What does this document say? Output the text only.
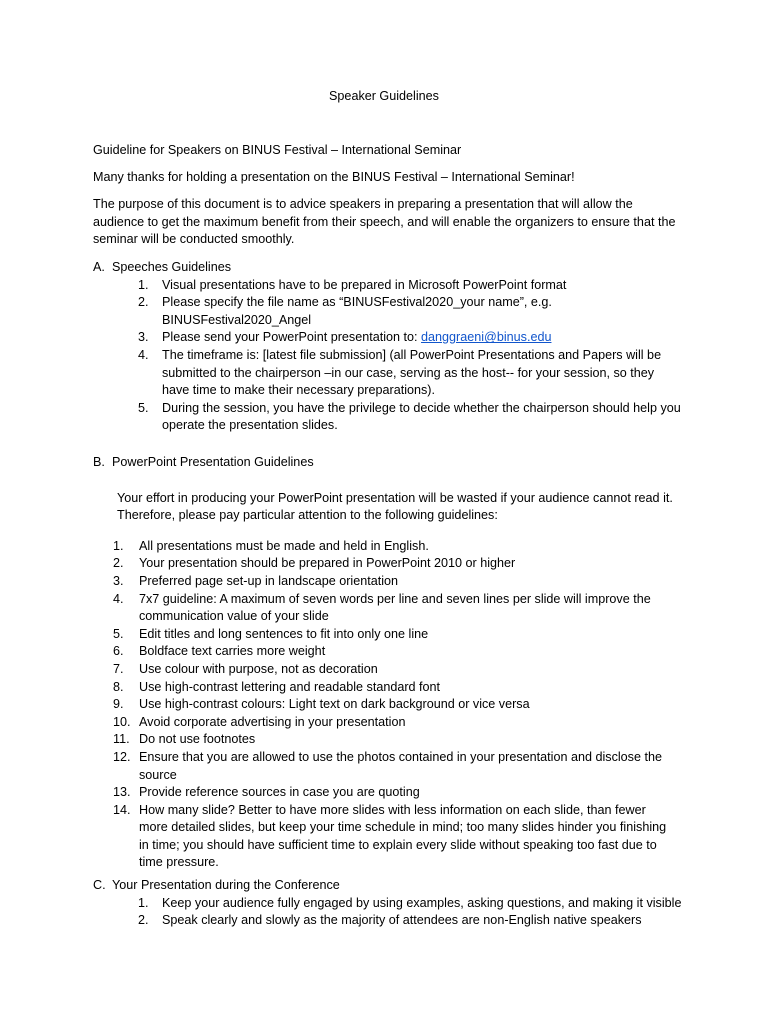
Speaker Guidelines
Guideline for Speakers on BINUS Festival – International Seminar
Many thanks for holding a presentation on the BINUS Festival – International Seminar!
The purpose of this document is to advice speakers in preparing a presentation that will allow the audience to get the maximum benefit from their speech, and will enable the organizers to ensure that the seminar will be conducted smoothly.
A. Speeches Guidelines
1.	Visual presentations have to be prepared in Microsoft PowerPoint format
2.	Please specify the file name as “BINUSFestival2020_your name”, e.g. BINUSFestival2020_Angel
3.	Please send your PowerPoint presentation to: danggraeni@binus.edu
4.	The timeframe is: [latest file submission] (all PowerPoint Presentations and Papers will be submitted to the chairperson –in our case, serving as the host-- for your session, so they have time to make their necessary preparations).
5.	During the session, you have the privilege to decide whether the chairperson should help you operate the presentation slides.
B. PowerPoint Presentation Guidelines
Your effort in producing your PowerPoint presentation will be wasted if your audience cannot read it. Therefore, please pay particular attention to the following guidelines:
1.	All presentations must be made and held in English.
2.	Your presentation should be prepared in PowerPoint 2010 or higher
3.	Preferred page set-up in landscape orientation
4.	7x7 guideline: A maximum of seven words per line and seven lines per slide will improve the communication value of your slide
5.	Edit titles and long sentences to fit into only one line
6.	Boldface text carries more weight
7.	Use colour with purpose, not as decoration
8.	Use high-contrast lettering and readable standard font
9.	Use high-contrast colours: Light text on dark background or vice versa
10. Avoid corporate advertising in your presentation
11. Do not use footnotes
12. Ensure that you are allowed to use the photos contained in your presentation and disclose the source
13. Provide reference sources in case you are quoting
14. How many slide? Better to have more slides with less information on each slide, than fewer more detailed slides, but keep your time schedule in mind; too many slides hinder you finishing in time; you should have sufficient time to explain every slide without speaking too fast due to time pressure.
C. Your Presentation during the Conference
1.	Keep your audience fully engaged by using examples, asking questions, and making it visible
2.	Speak clearly and slowly as the majority of attendees are non-English native speakers
